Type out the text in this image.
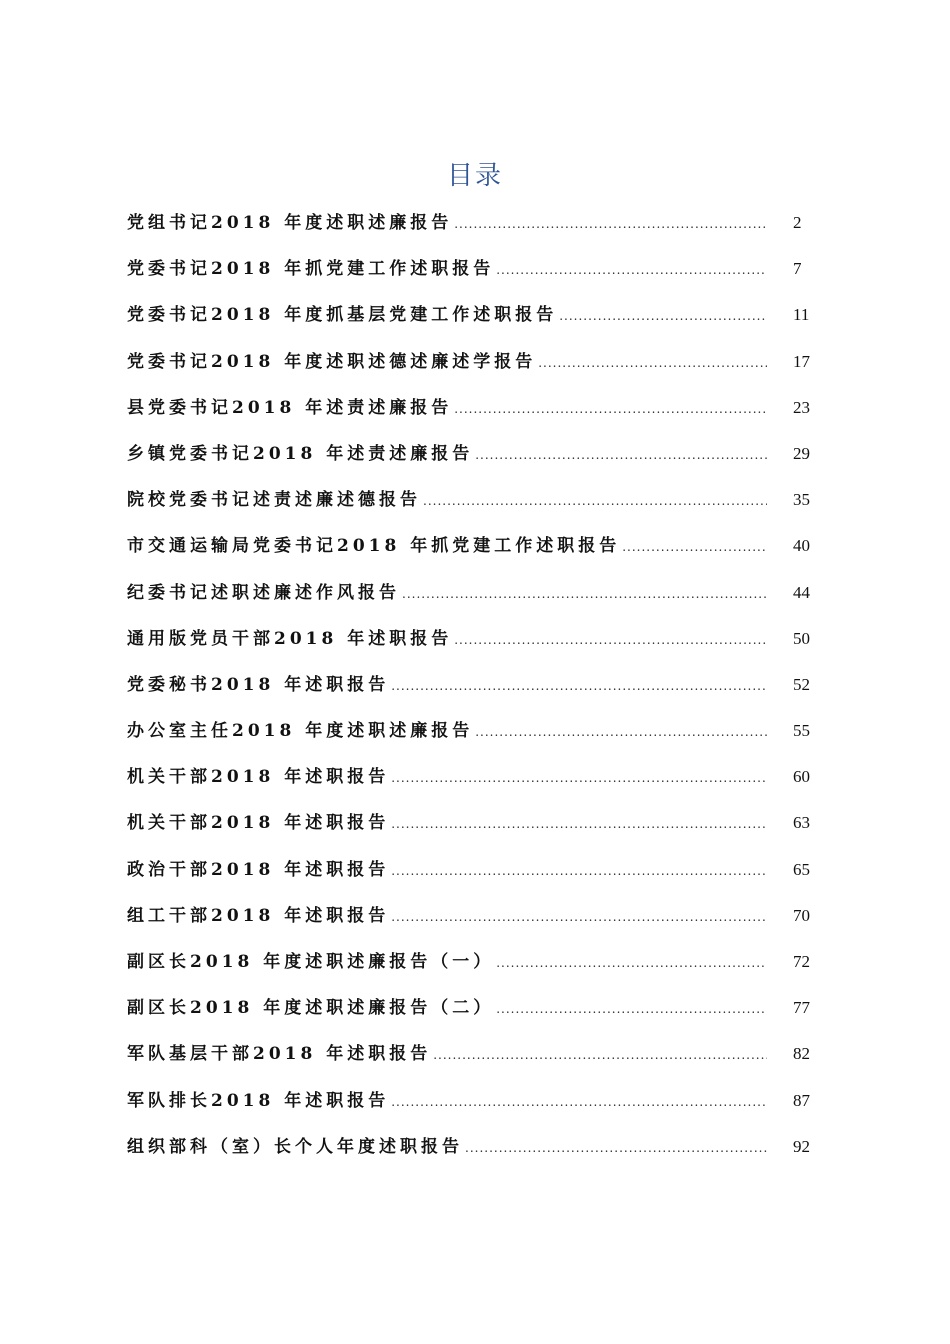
目录
党组书记2018 年度述职述廉报告 .....	2
党委书记2018 年抓党建工作述职报告 .....	7
党委书记2018 年度抓基层党建工作述职报告 .....	11
党委书记2018 年度述职述德述廉述学报告 .....	17
县党委书记2018 年述责述廉报告 .....	23
乡镇党委书记2018 年述责述廉报告 .....	29
院校党委书记述责述廉述德报告 .....	35
市交通运输局党委书记2018 年抓党建工作述职报告 .....	40
纪委书记述职述廉述作风报告 .....	44
通用版党员干部2018 年述职报告 .....	50
党委秘书2018 年述职报告 .....	52
办公室主任2018 年度述职述廉报告 .....	55
机关干部2018 年述职报告 .....	60
机关干部2018 年述职报告 .....	63
政治干部2018 年述职报告 .....	65
组工干部2018 年述职报告 .....	70
副区长2018 年度述职述廉报告（一） .....	72
副区长2018 年度述职述廉报告（二） .....	77
军队基层干部2018 年述职报告 .....	82
军队排长2018 年述职报告 .....	87
组织部科（室）长个人年度述职报告 .....	92
